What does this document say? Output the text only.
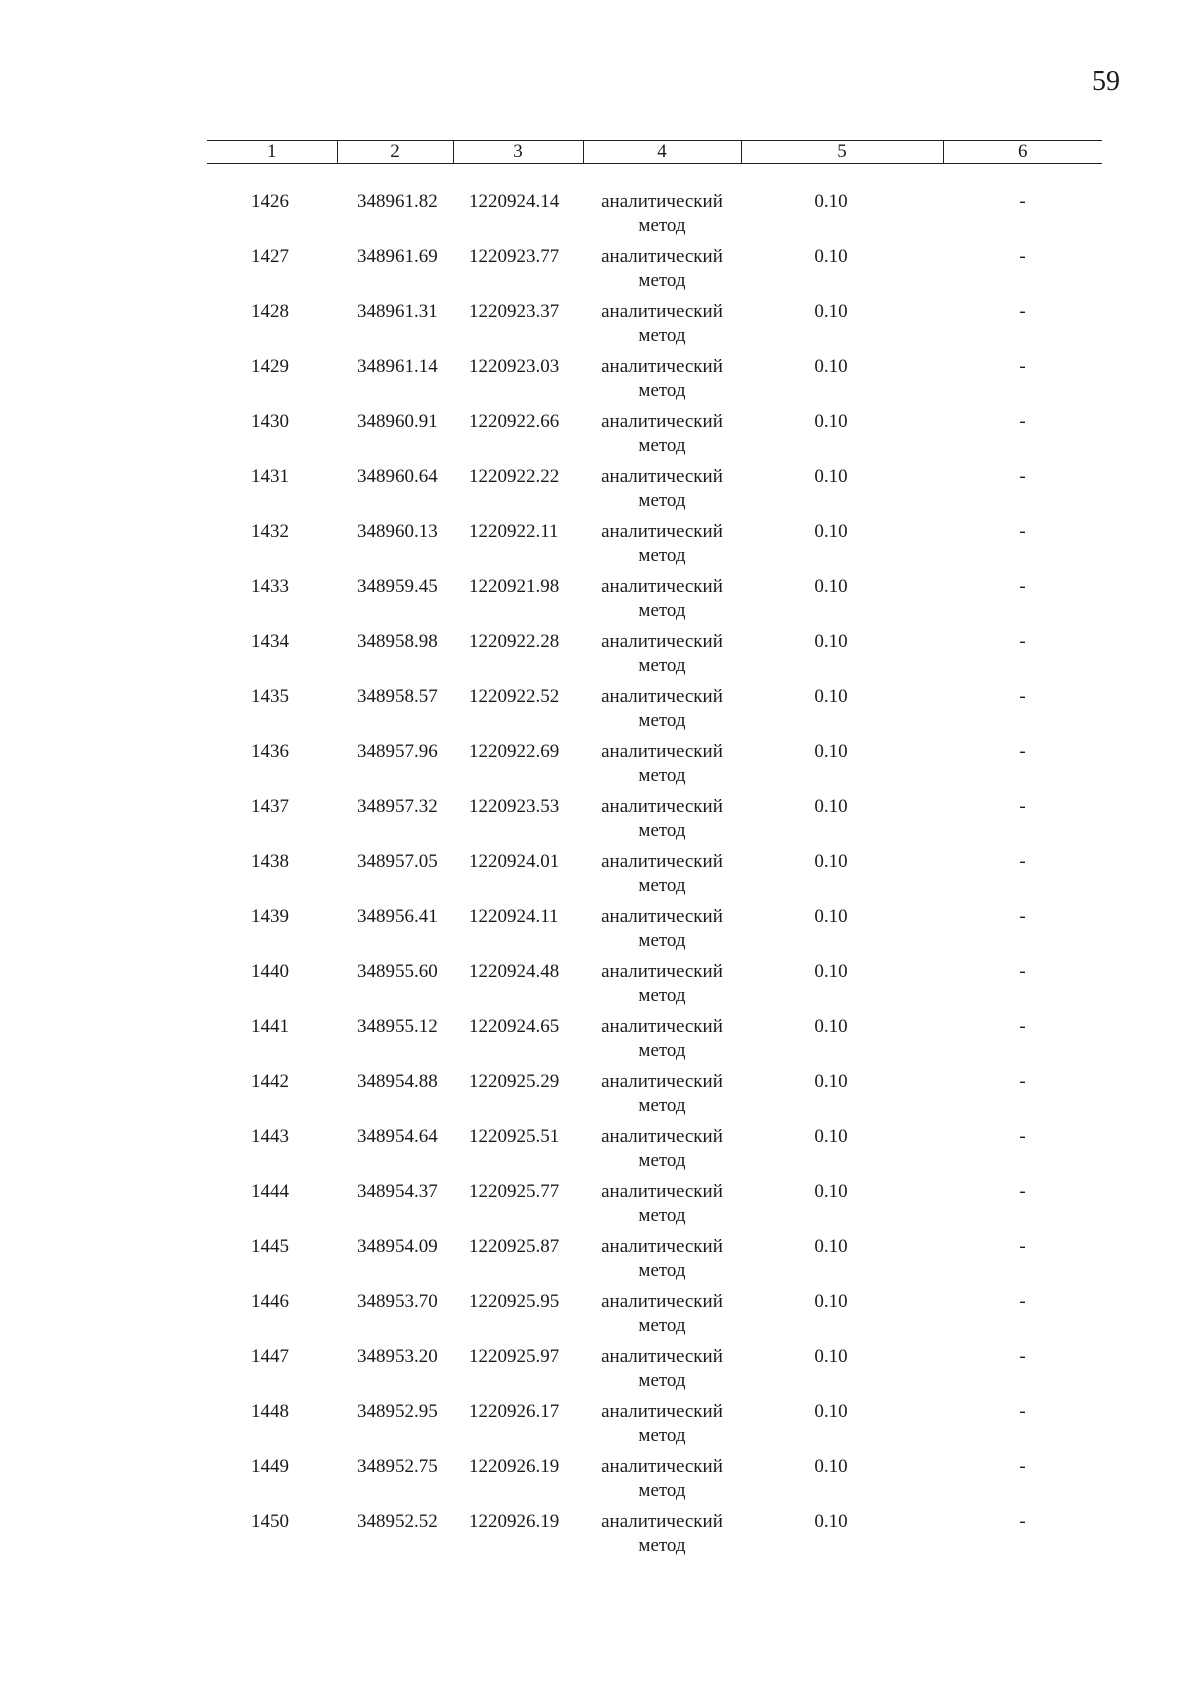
59
1	2	3	4	5	6
1426	348961.82	1220924.14	аналитический метод	0.10	-
1427	348961.69	1220923.77	аналитический метод	0.10	-
1428	348961.31	1220923.37	аналитический метод	0.10	-
1429	348961.14	1220923.03	аналитический метод	0.10	-
1430	348960.91	1220922.66	аналитический метод	0.10	-
1431	348960.64	1220922.22	аналитический метод	0.10	-
1432	348960.13	1220922.11	аналитический метод	0.10	-
1433	348959.45	1220921.98	аналитический метод	0.10	-
1434	348958.98	1220922.28	аналитический метод	0.10	-
1435	348958.57	1220922.52	аналитический метод	0.10	-
1436	348957.96	1220922.69	аналитический метод	0.10	-
1437	348957.32	1220923.53	аналитический метод	0.10	-
1438	348957.05	1220924.01	аналитический метод	0.10	-
1439	348956.41	1220924.11	аналитический метод	0.10	-
1440	348955.60	1220924.48	аналитический метод	0.10	-
1441	348955.12	1220924.65	аналитический метод	0.10	-
1442	348954.88	1220925.29	аналитический метод	0.10	-
1443	348954.64	1220925.51	аналитический метод	0.10	-
1444	348954.37	1220925.77	аналитический метод	0.10	-
1445	348954.09	1220925.87	аналитический метод	0.10	-
1446	348953.70	1220925.95	аналитический метод	0.10	-
1447	348953.20	1220925.97	аналитический метод	0.10	-
1448	348952.95	1220926.17	аналитический метод	0.10	-
1449	348952.75	1220926.19	аналитический метод	0.10	-
1450	348952.52	1220926.19	аналитический метод	0.10	-
